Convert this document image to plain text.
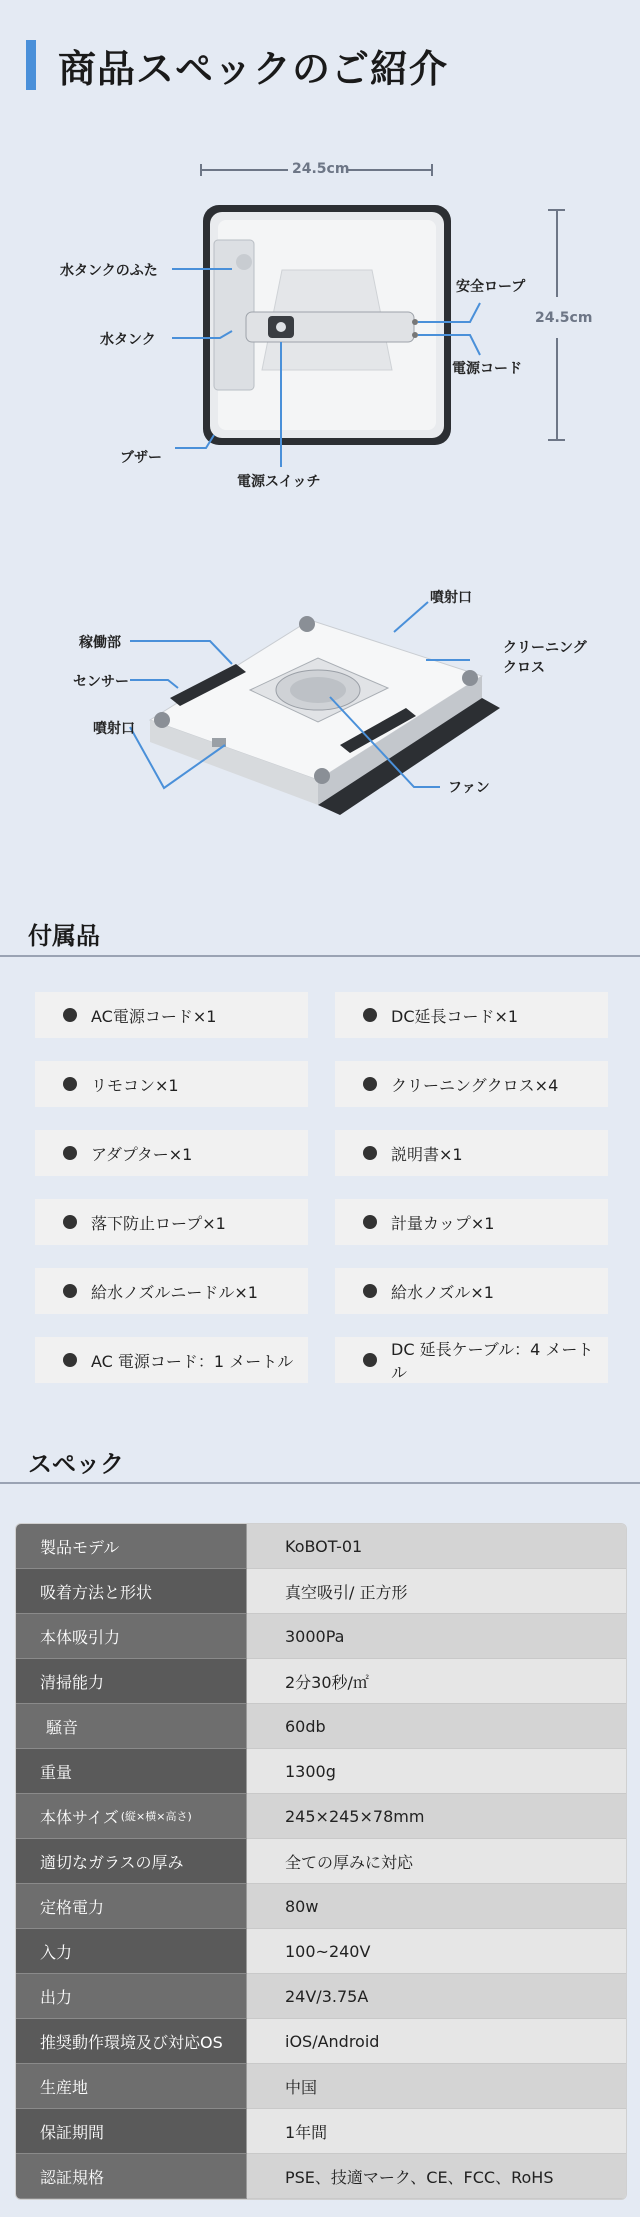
商品スペックのご紹介
24.5cm
24.5cm
水タンクのふた
水タンク
ブザー
電源スイッチ
安全ロープ
電源コード
噴射口
クリーニング
クロス
稼働部
センサー
噴射口
ファン
付属品
AC電源コード×1	DC延長コード×1
リモコン×1	クリーニングクロス×4
アダプター×1	説明書×1
落下防止ロープ×1	計量カップ×1
給水ノズルニードル×1	給水ノズル×1
AC 電源コード：1 メートル
DC 延長ケーブル：4 メートル
スペック
製品モデル	KoBOT-01
吸着方法と形状	真空吸引/ 正方形
本体吸引力	3000Pa
清掃能力	2分30秒/㎡
騒音	60db
重量	1300g
本体サイズ (縦×横×高さ)	245×245×78mm
適切なガラスの厚み	全ての厚みに対応
定格電力	80w
入力	100~240V
出力	24V/3.75A
推奨動作環境及び対応OS	iOS/Android
生産地	中国
保証期間	1年間
認証規格	PSE、技適マーク、CE、FCC、RoHS
